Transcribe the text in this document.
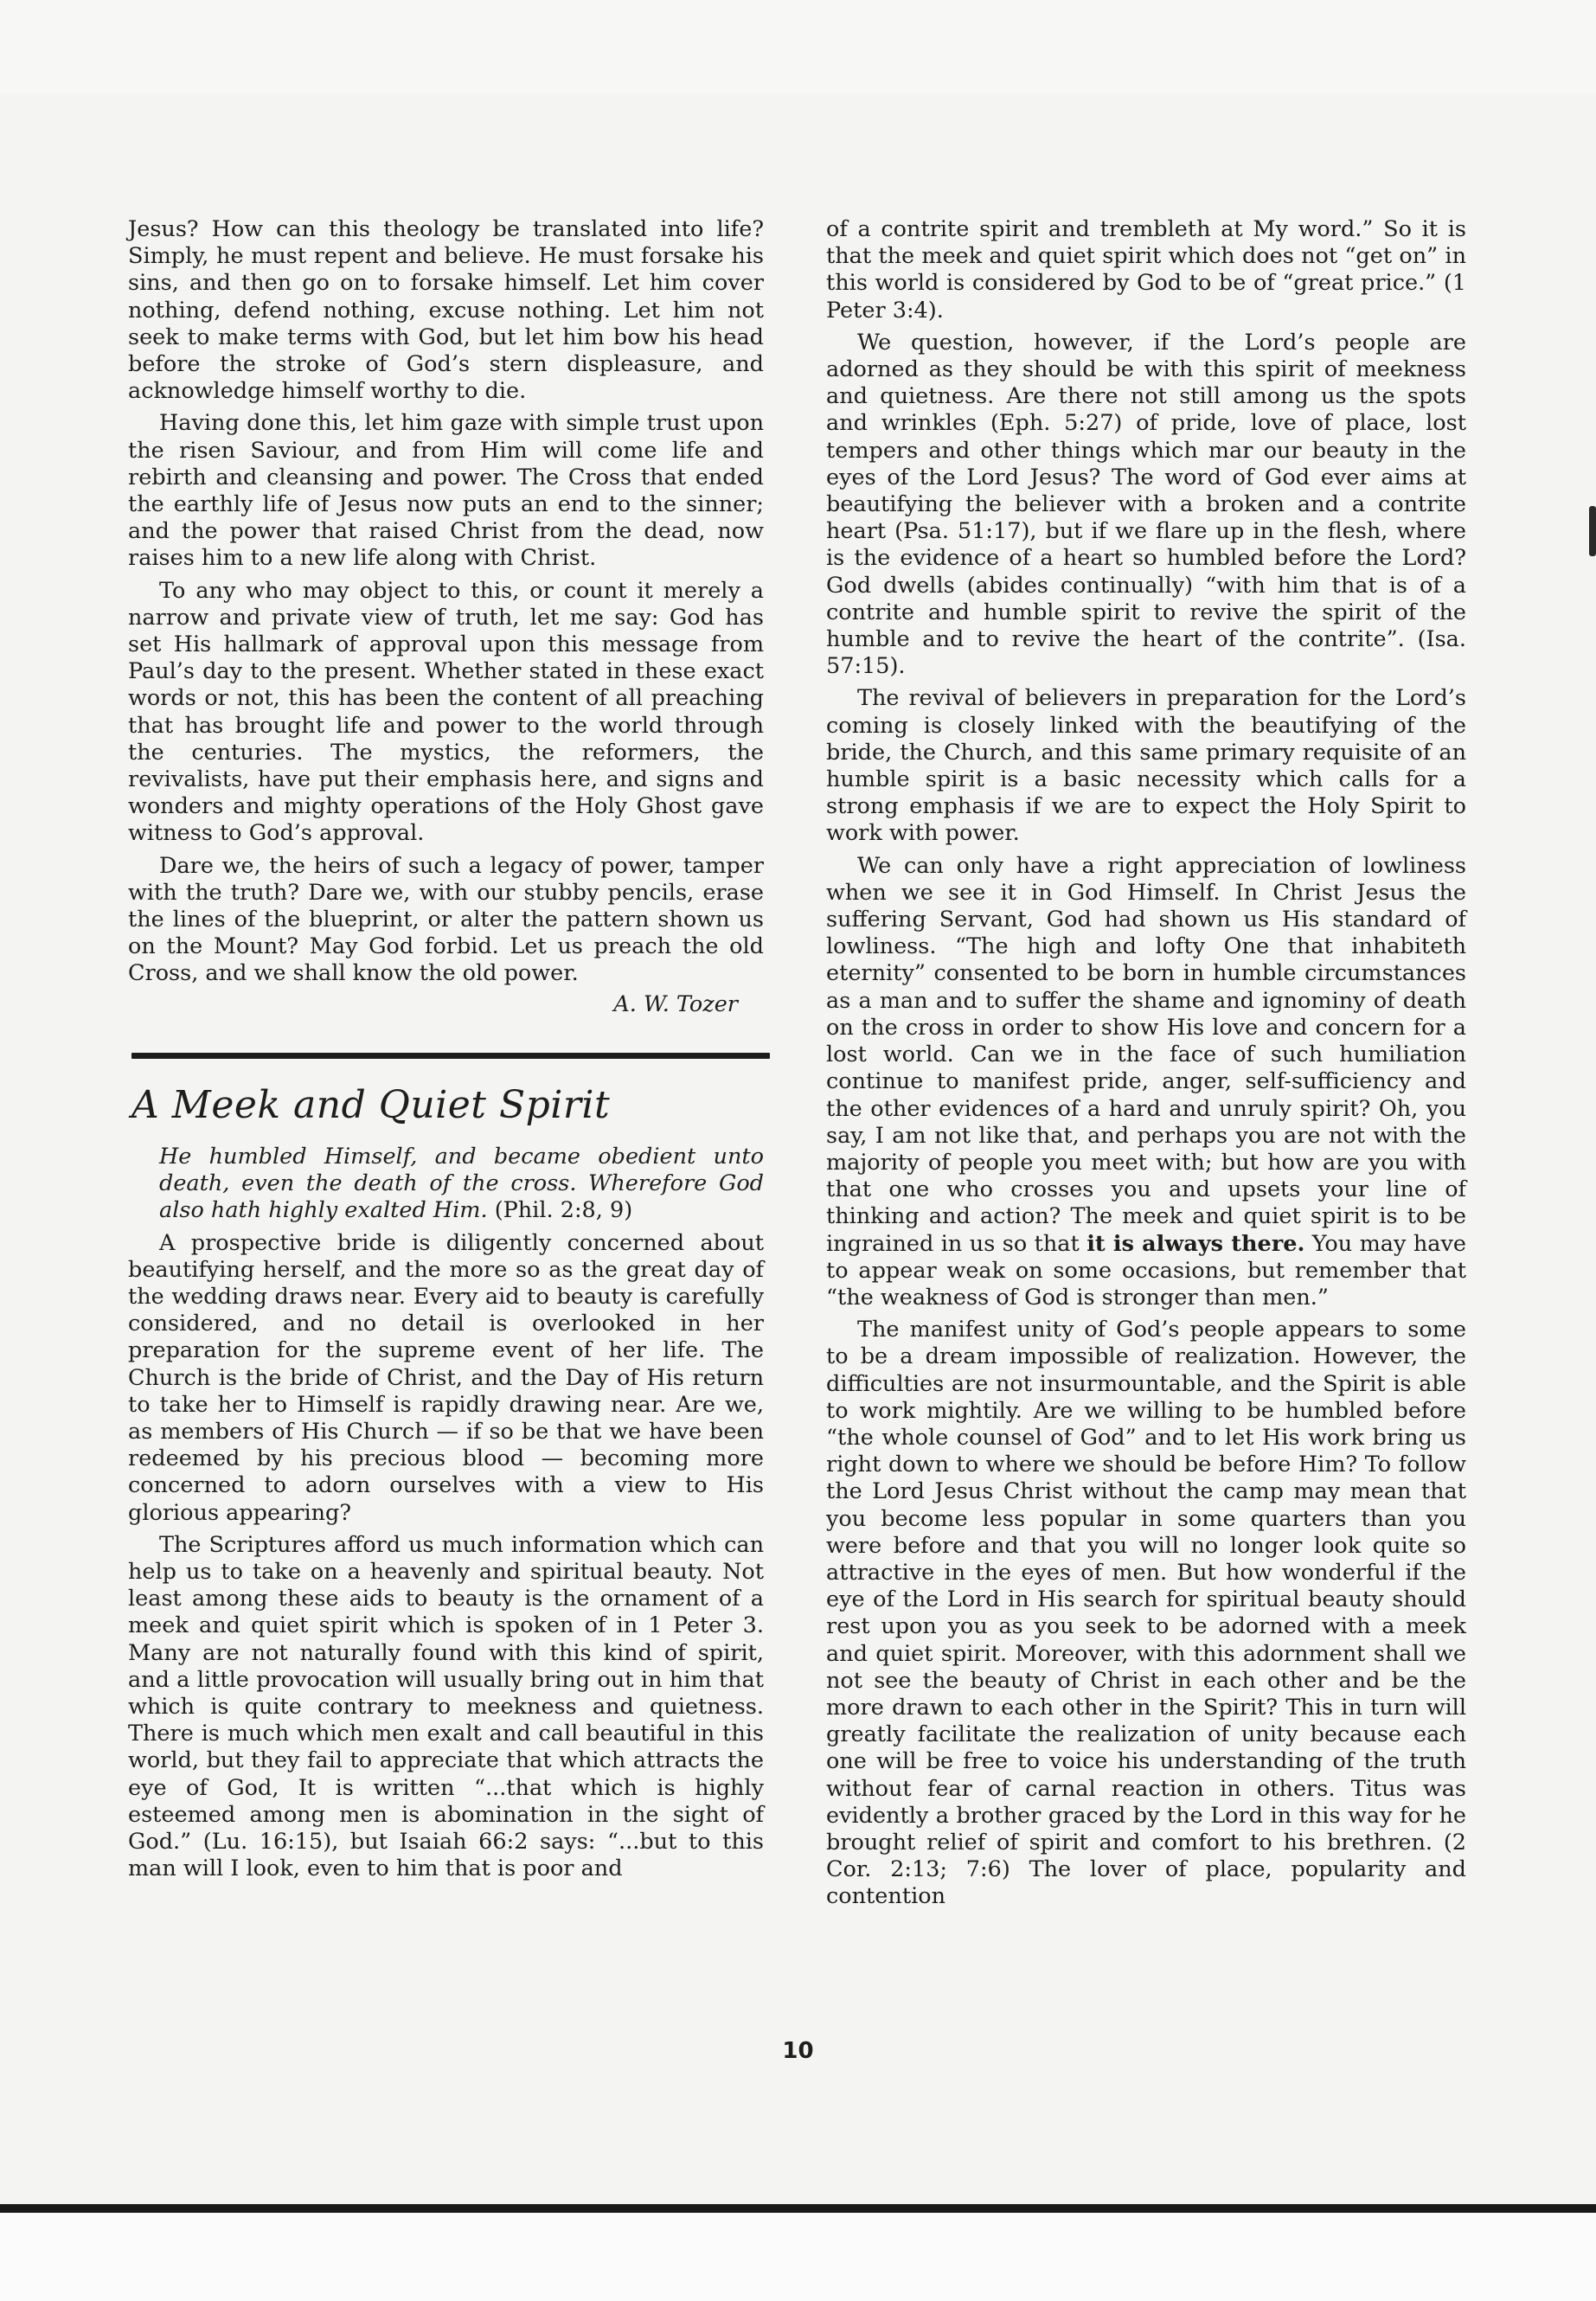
Jesus? How can this theology be translated into life? Simply, he must repent and believe. He must forsake his sins, and then go on to forsake himself. Let him cover nothing, defend nothing, excuse nothing. Let him not seek to make terms with God, but let him bow his head before the stroke of God’s stern displeasure, and acknowledge himself worthy to die.

Having done this, let him gaze with simple trust upon the risen Saviour, and from Him will come life and rebirth and cleansing and power. The Cross that ended the earthly life of Jesus now puts an end to the sinner; and the power that raised Christ from the dead, now raises him to a new life along with Christ.

To any who may object to this, or count it merely a narrow and private view of truth, let me say: God has set His hallmark of approval upon this message from Paul’s day to the present. Whether stated in these exact words or not, this has been the content of all preaching that has brought life and power to the world through the centuries. The mystics, the reformers, the revivalists, have put their emphasis here, and signs and wonders and mighty operations of the Holy Ghost gave witness to God’s approval.

Dare we, the heirs of such a legacy of power, tamper with the truth? Dare we, with our stubby pencils, erase the lines of the blueprint, or alter the pattern shown us on the Mount? May God forbid. Let us preach the old Cross, and we shall know the old power.

A. W. Tozer
A Meek and Quiet Spirit

He humbled Himself, and became obedient unto death, even the death of the cross. Wherefore God also hath highly exalted Him. (Phil. 2:8, 9)

A prospective bride is diligently concerned about beautifying herself, and the more so as the great day of the wedding draws near. Every aid to beauty is carefully considered, and no detail is overlooked in her preparation for the supreme event of her life. The Church is the bride of Christ, and the Day of His return to take her to Himself is rapidly drawing near. Are we, as members of His Church — if so be that we have been redeemed by his precious blood — becoming more concerned to adorn ourselves with a view to His glorious appearing?

The Scriptures afford us much information which can help us to take on a heavenly and spiritual beauty. Not least among these aids to beauty is the ornament of a meek and quiet spirit which is spoken of in 1 Peter 3. Many are not naturally found with this kind of spirit, and a little provocation will usually bring out in him that which is quite contrary to meekness and quietness. There is much which men exalt and call beautiful in this world, but they fail to appreciate that which attracts the eye of God, It is written “...that which is highly esteemed among men is abomination in the sight of God.” (Lu. 16:15), but Isaiah 66:2 says: “...but to this man will I look, even to him that is poor and

of a contrite spirit and trembleth at My word.” So it is that the meek and quiet spirit which does not “get on” in this world is considered by God to be of “great price.” (1 Peter 3:4).

We question, however, if the Lord’s people are adorned as they should be with this spirit of meekness and quietness. Are there not still among us the spots and wrinkles (Eph. 5:27) of pride, love of place, lost tempers and other things which mar our beauty in the eyes of the Lord Jesus? The word of God ever aims at beautifying the believer with a broken and a contrite heart (Psa. 51:17), but if we flare up in the flesh, where is the evidence of a heart so humbled before the Lord? God dwells (abides continually) “with him that is of a contrite and humble spirit to revive the spirit of the humble and to revive the heart of the contrite”. (Isa. 57:15).

The revival of believers in preparation for the Lord’s coming is closely linked with the beautifying of the bride, the Church, and this same primary requisite of an humble spirit is a basic necessity which calls for a strong emphasis if we are to expect the Holy Spirit to work with power.

We can only have a right appreciation of lowliness when we see it in God Himself. In Christ Jesus the suffering Servant, God had shown us His standard of lowliness. “The high and lofty One that inhabiteth eternity” consented to be born in humble circumstances as a man and to suffer the shame and ignominy of death on the cross in order to show His love and concern for a lost world. Can we in the face of such humiliation continue to manifest pride, anger, self-sufficiency and the other evidences of a hard and unruly spirit? Oh, you say, I am not like that, and perhaps you are not with the majority of people you meet with; but how are you with that one who crosses you and upsets your line of thinking and action? The meek and quiet spirit is to be ingrained in us so that it is always there. You may have to appear weak on some occasions, but remember that “the weakness of God is stronger than men.”

The manifest unity of God’s people appears to some to be a dream impossible of realization. However, the difficulties are not insurmountable, and the Spirit is able to work mightily. Are we willing to be humbled before “the whole counsel of God” and to let His work bring us right down to where we should be before Him? To follow the Lord Jesus Christ without the camp may mean that you become less popular in some quarters than you were before and that you will no longer look quite so attractive in the eyes of men. But how wonderful if the eye of the Lord in His search for spiritual beauty should rest upon you as you seek to be adorned with a meek and quiet spirit. Moreover, with this adornment shall we not see the beauty of Christ in each other and be the more drawn to each other in the Spirit? This in turn will greatly facilitate the realization of unity because each one will be free to voice his understanding of the truth without fear of carnal reaction in others. Titus was evidently a brother graced by the Lord in this way for he brought relief of spirit and comfort to his brethren. (2 Cor. 2:13; 7:6) The lover of place, popularity and contention

10
